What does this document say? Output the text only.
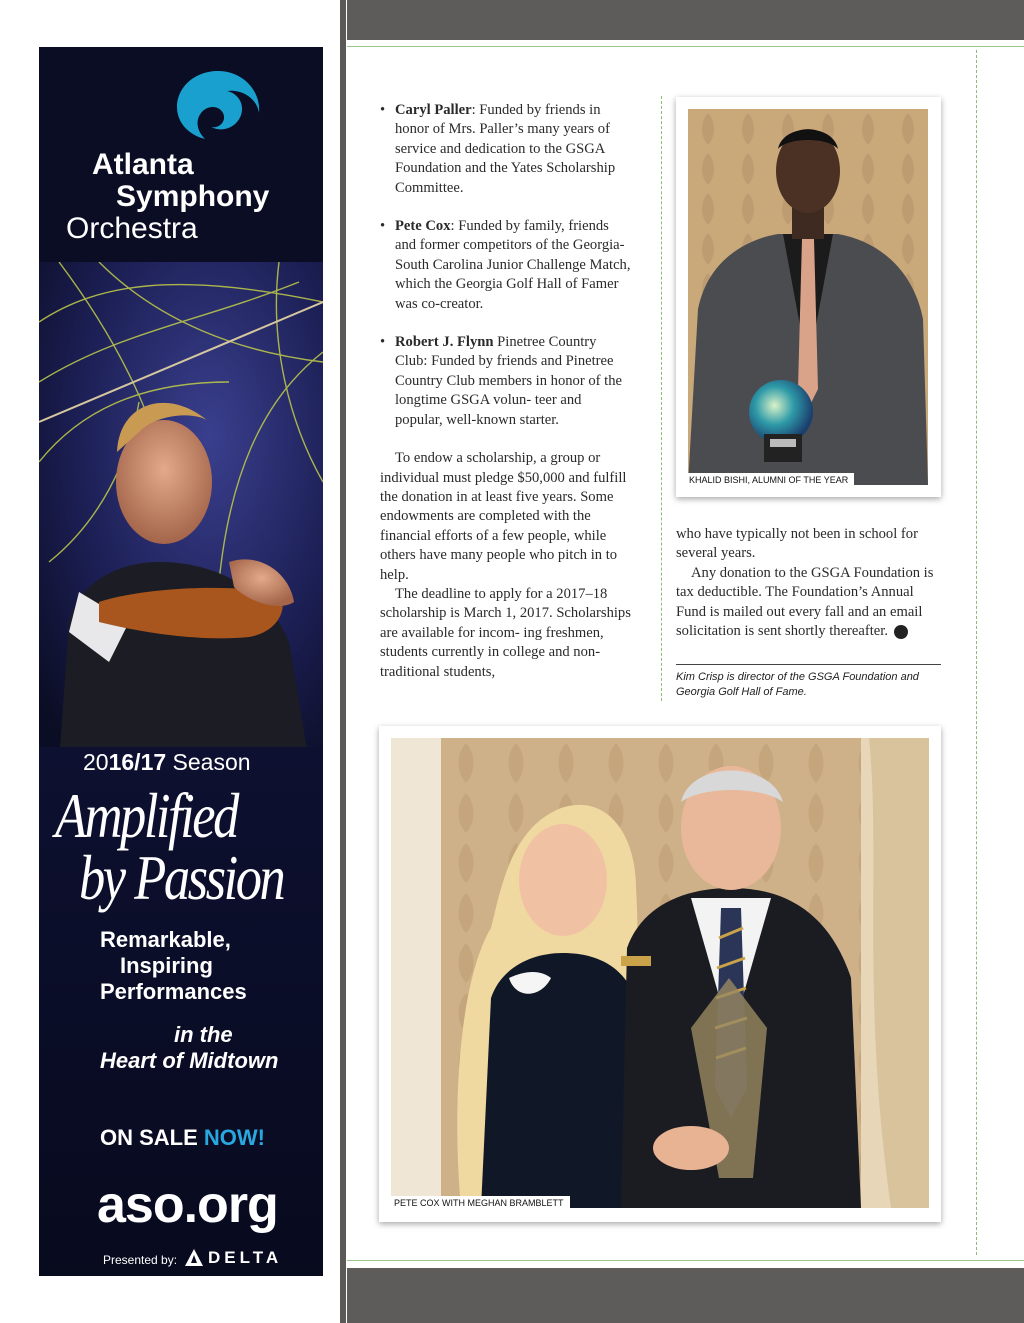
Atlanta
Symphony
Orchestra
2016/17 Season
Amplified
by Passion
Remarkable,
Inspiring
Performances
in the
Heart of Midtown
ON SALE NOW!
aso.org
Presented by: DELTA
• Caryl Paller: Funded by friends in honor of Mrs. Paller’s many years of service and dedication to the GSGA Foundation and the Yates Scholarship Committee.
• Pete Cox: Funded by family, friends and former competitors of the Georgia-South Carolina Junior Challenge Match, which the Georgia Golf Hall of Famer was co-creator.
• Robert J. Flynn Pinetree Country Club: Funded by friends and Pinetree Country Club members in honor of the longtime GSGA volun- teer and popular, well-known starter.

To endow a scholarship, a group or individual must pledge $50,000 and fulfill the donation in at least five years. Some endowments are completed with the financial efforts of a few people, while others have many people who pitch in to help.

The deadline to apply for a 2017–18 scholarship is March 1, 2017. Scholarships are available for incom- ing freshmen, students currently in college and non-traditional students,

KHALID BISHI, ALUMNI OF THE YEAR

who have typically not been in school for several years.

Any donation to the GSGA Foundation is tax deductible. The Foundation’s Annual Fund is mailed out every fall and an email solicitation is sent shortly thereafter.	GG

Kim Crisp is director of the GSGA Foundation and Georgia Golf Hall of Fame.
PETE COX WITH MEGHAN BRAMBLETT
